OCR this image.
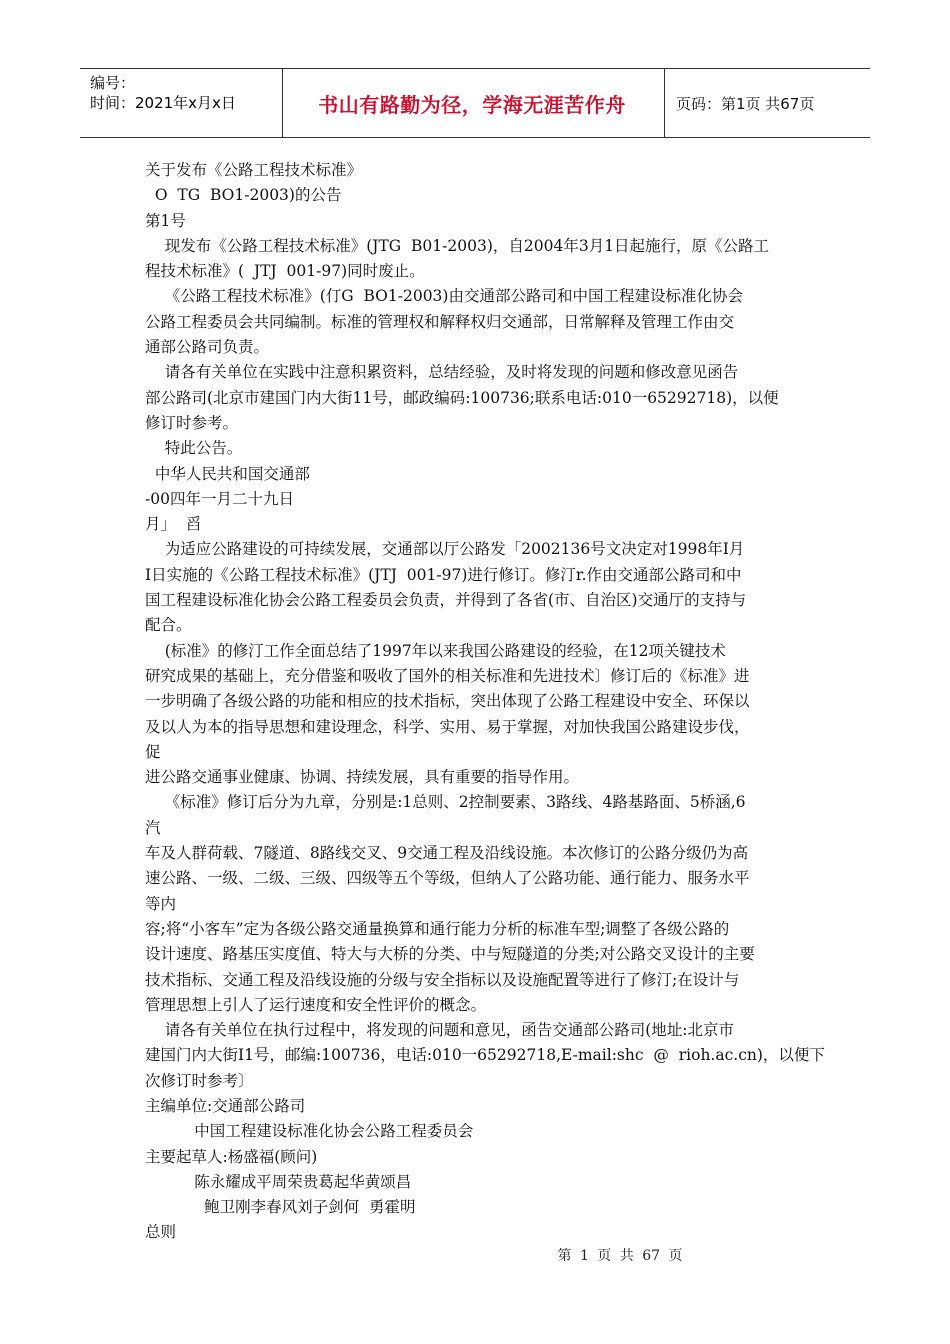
编号：
时间：2021年x月x日	书山有路勤为径，学海无涯苦作舟	页码：第1页 共67页
关于发布《公路工程技术标准》
O  TG  BO1-2003)的公告
第1号
现发布《公路工程技术标准》(JTG  B01-2003)，自2004年3月1日起施行，原《公路工
程技术标准》(  JTJ  001-97)同时废止。
《公路工程技术标准》(仃G  BO1-2003)由交通部公路司和中国工程建设标准化协会
公路工程委员会共同编制。标准的管理权和解释权归交通部，日常解释及管理工作由交
通部公路司负责。
请各有关单位在实践中注意积累资料，总结经验，及时将发现的问题和修改意见函告
部公路司(北京市建国门内大街11号，邮政编码:100736;联系电话:010一65292718)，以便
修订时参考。
特此公告。
中华人民共和国交通部
-00四年一月二十九日
月」  舀
为适应公路建设的可持续发展，交通部以厅公路发「2002136号文决定对1998年I月
I日实施的《公路工程技术标准》(JTJ  001-97)进行修订。修汀r.作由交通部公路司和中
国工程建设标准化协会公路工程委员会负责，并得到了各省(市、自治区)交通厅的支持与
配合。
(标准》的修汀工作全面总结了1997年以来我国公路建设的经验，在12项关键技术
研究成果的基础上，充分借鉴和吸收了国外的相关标准和先进技术〕修订后的《标准》进
一步明确了各级公路的功能和相应的技术指标，突出体现了公路工程建设中安全、环保以
及以人为本的指导思想和建设理念，科学、实用、易于掌握，对加快我国公路建设步伐，
促
进公路交通事业健康、协调、持续发展，具有重要的指导作用。
《标准》修订后分为九章，分别是:1总则、2控制要素、3路线、4路基路面、5桥涵,6
汽
车及人群荷载、7隧道、8路线交叉、9交通工程及沿线设施。本次修订的公路分级仍为高
速公路、一级、二级、三级、四级等五个等级，但纳人了公路功能、通行能力、服务水平
等内
容;将“小客车”定为各级公路交通量换算和通行能力分析的标准车型;调整了各级公路的
设计速度、路基压实度值、特大与大桥的分类、中与短隧道的分类;对公路交叉设计的主要
技术指标、交通工程及沿线设施的分级与安全指标以及设施配置等进行了修汀;在设计与
管理思想上引人了运行速度和安全性评价的概念。
请各有关单位在执行过程中，将发现的问题和意见，函告交通部公路司(地址:北京市
建国门内大街I1号，邮编:100736，电话:010一65292718,E-mail:shc  @  rioh.ac.cn)，以便下
次修订时参考〕
主编单位:交通部公路司
中国工程建设标准化协会公路工程委员会
主要起草人:杨盛福(顾问)
陈永耀成平周荣贵葛起华黄颂昌
鲍卫刚李春风刘子剑何  勇霍明
总则
第 1 页 共 67 页
